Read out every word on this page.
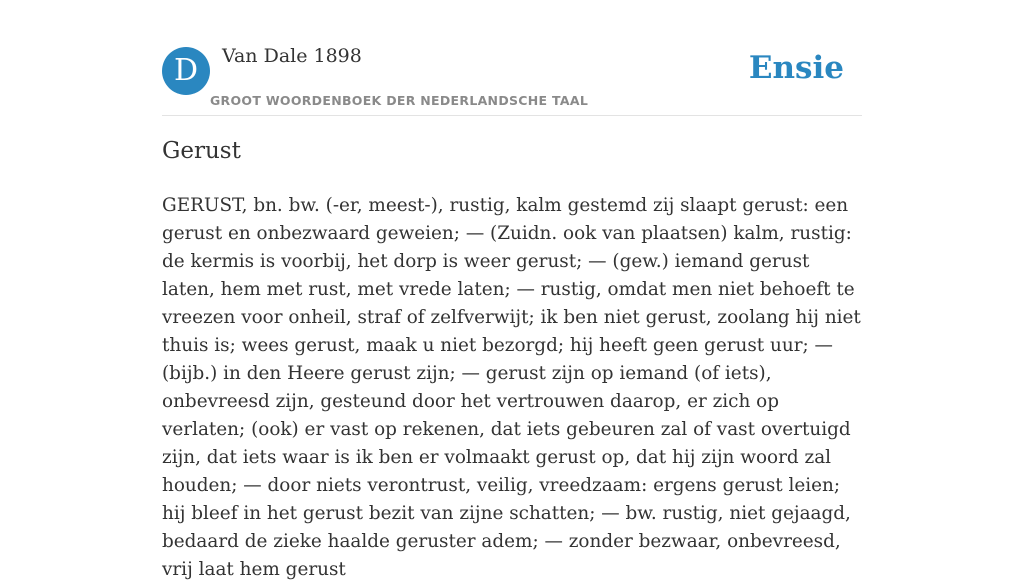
D	Van Dale 1898
GROOT WOORDENBOEK DER NEDERLANDSCHE TAAL
Ensie
Gerust

GERUST, bn. bw. (-er, meest-), rustig, kalm gestemd zij slaapt gerust: een gerust en onbezwaard geweien; — (Zuidn. ook van plaatsen) kalm, rustig: de kermis is voorbij, het dorp is weer gerust; — (gew.) iemand gerust laten, hem met rust, met vrede laten; — rustig, omdat men niet behoeft te vreezen voor onheil, straf of zelfverwijt; ik ben niet gerust, zoolang hij niet thuis is; wees gerust, maak u niet bezorgd; hij heeft geen gerust uur; — (bijb.) in den Heere gerust zijn; — gerust zijn op iemand (of iets), onbevreesd zijn, gesteund door het vertrouwen daarop, er zich op verlaten; (ook) er vast op rekenen, dat iets gebeuren zal of vast overtuigd zijn, dat iets waar is ik ben er volmaakt gerust op, dat hij zijn woord zal houden; — door niets verontrust, veilig, vreedzaam: ergens gerust leien; hij bleef in het gerust bezit van zijne schatten; — bw. rustig, niet gejaagd, bedaard de zieke haalde geruster adem; — zonder bezwaar, onbevreesd, vrij laat hem gerust
